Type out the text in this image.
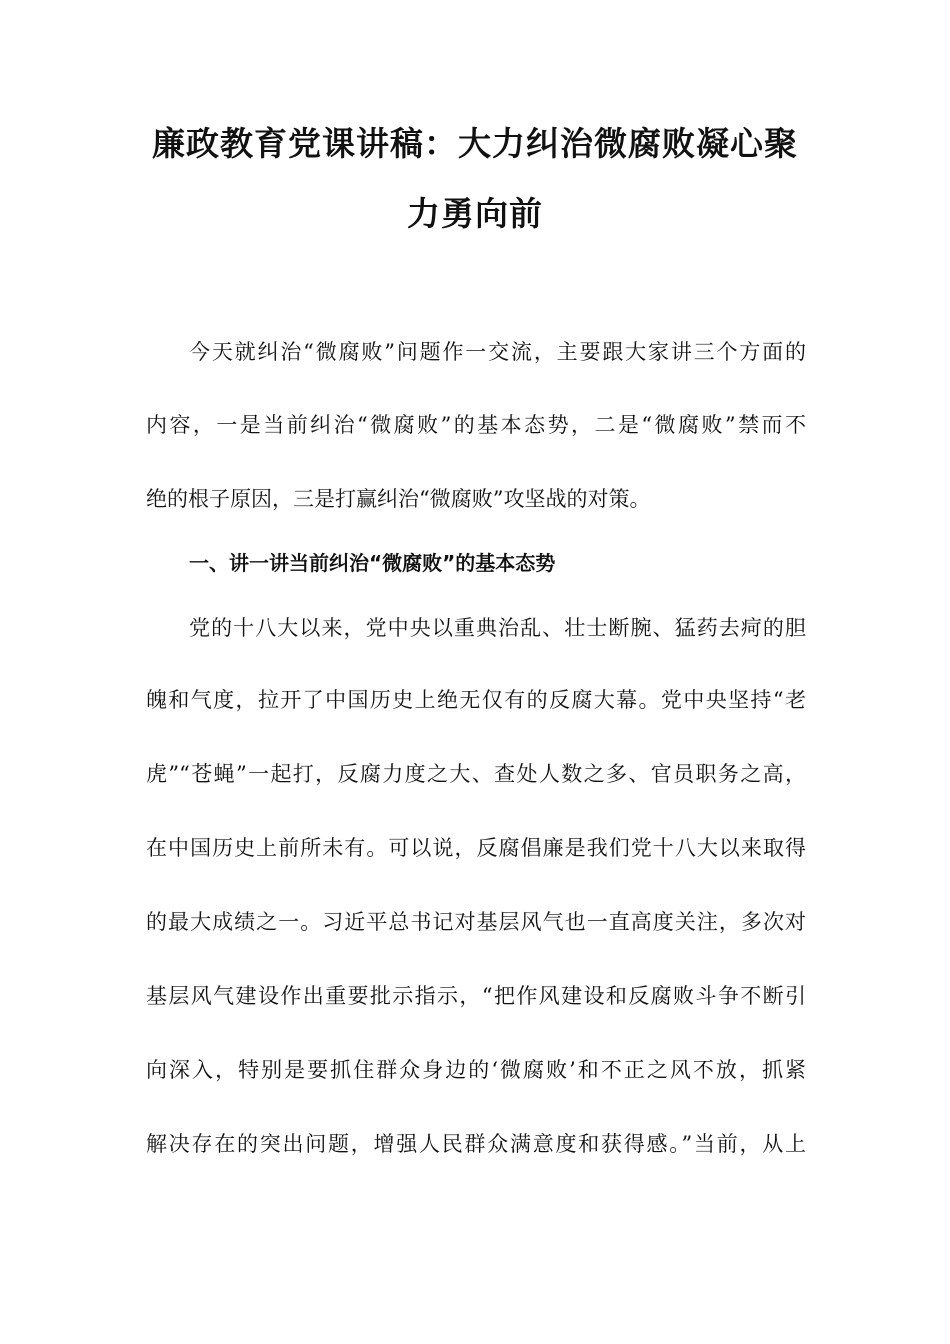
廉政教育党课讲稿：大力纠治微腐败凝心聚
力勇向前
今天就纠治“微腐败”问题作一交流，主要跟大家讲三个方面的
内容，一是当前纠治“微腐败”的基本态势，二是“微腐败”禁而不
绝的根子原因，三是打赢纠治“微腐败”攻坚战的对策。
一、讲一讲当前纠治“微腐败”的基本态势
党的十八大以来，党中央以重典治乱、壮士断腕、猛药去疴的胆
魄和气度，拉开了中国历史上绝无仅有的反腐大幕。党中央坚持“老
虎”“苍蝇”一起打，反腐力度之大、查处人数之多、官员职务之高，
在中国历史上前所未有。可以说，反腐倡廉是我们党十八大以来取得
的最大成绩之一。习近平总书记对基层风气也一直高度关注，多次对
基层风气建设作出重要批示指示，“把作风建设和反腐败斗争不断引
向深入，特别是要抓住群众身边的‘微腐败’和不正之风不放，抓紧
解决存在的突出问题，增强人民群众满意度和获得感。”当前，从上
